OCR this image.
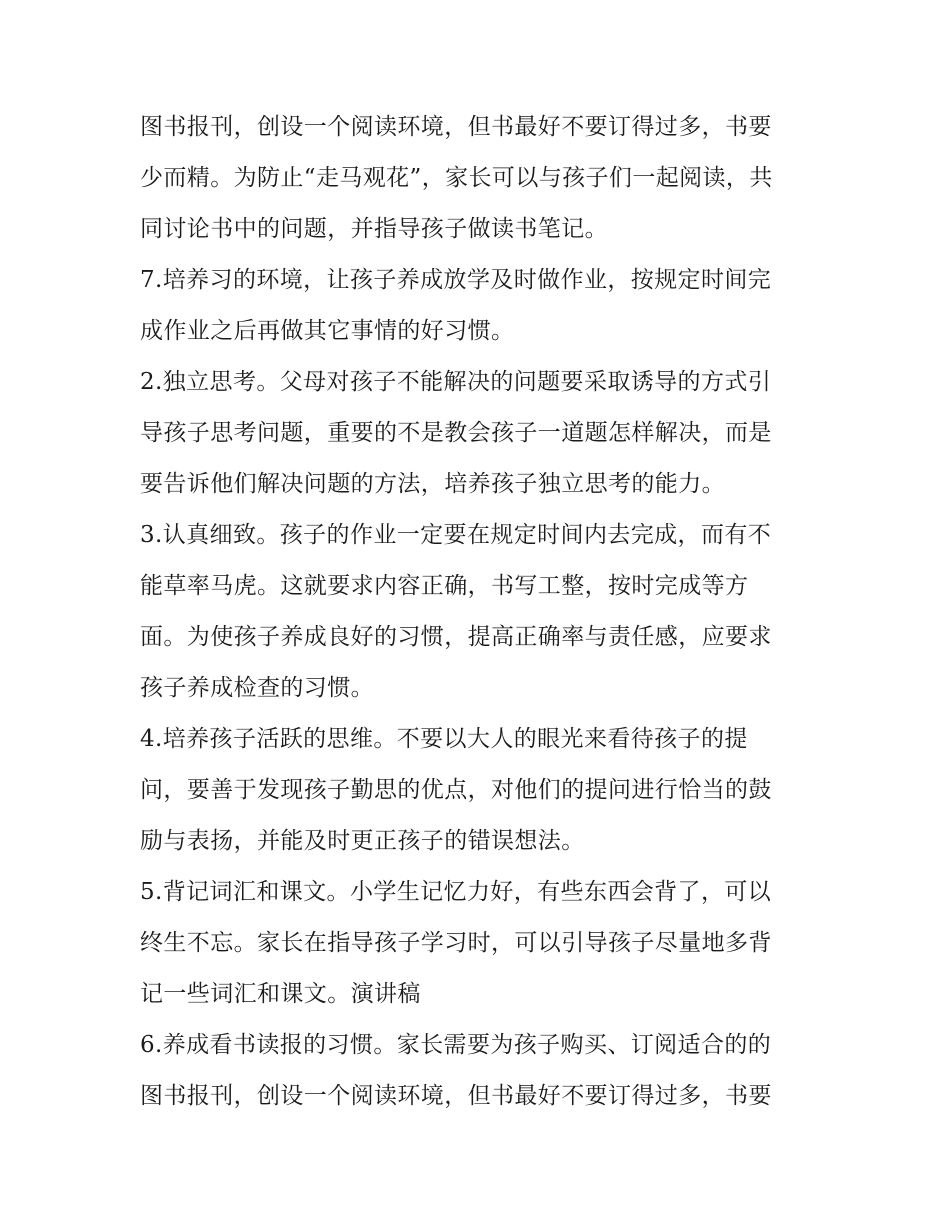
图书报刊，创设一个阅读环境，但书最好不要订得过多，书要
少而精。为防止“走马观花”，家长可以与孩子们一起阅读，共
同讨论书中的问题，并指导孩子做读书笔记。
7.培养习的环境，让孩子养成放学及时做作业，按规定时间完
成作业之后再做其它事情的好习惯。
2.独立思考。父母对孩子不能解决的问题要采取诱导的方式引
导孩子思考问题，重要的不是教会孩子一道题怎样解决，而是
要告诉他们解决问题的方法，培养孩子独立思考的能力。
3.认真细致。孩子的作业一定要在规定时间内去完成，而有不
能草率马虎。这就要求内容正确，书写工整，按时完成等方
面。为使孩子养成良好的习惯，提高正确率与责任感，应要求
孩子养成检查的习惯。
4.培养孩子活跃的思维。不要以大人的眼光来看待孩子的提
问，要善于发现孩子勤思的优点，对他们的提问进行恰当的鼓
励与表扬，并能及时更正孩子的错误想法。
5.背记词汇和课文。小学生记忆力好，有些东西会背了，可以
终生不忘。家长在指导孩子学习时，可以引导孩子尽量地多背
记一些词汇和课文。演讲稿
6.养成看书读报的习惯。家长需要为孩子购买、订阅适合的的
图书报刊，创设一个阅读环境，但书最好不要订得过多，书要
